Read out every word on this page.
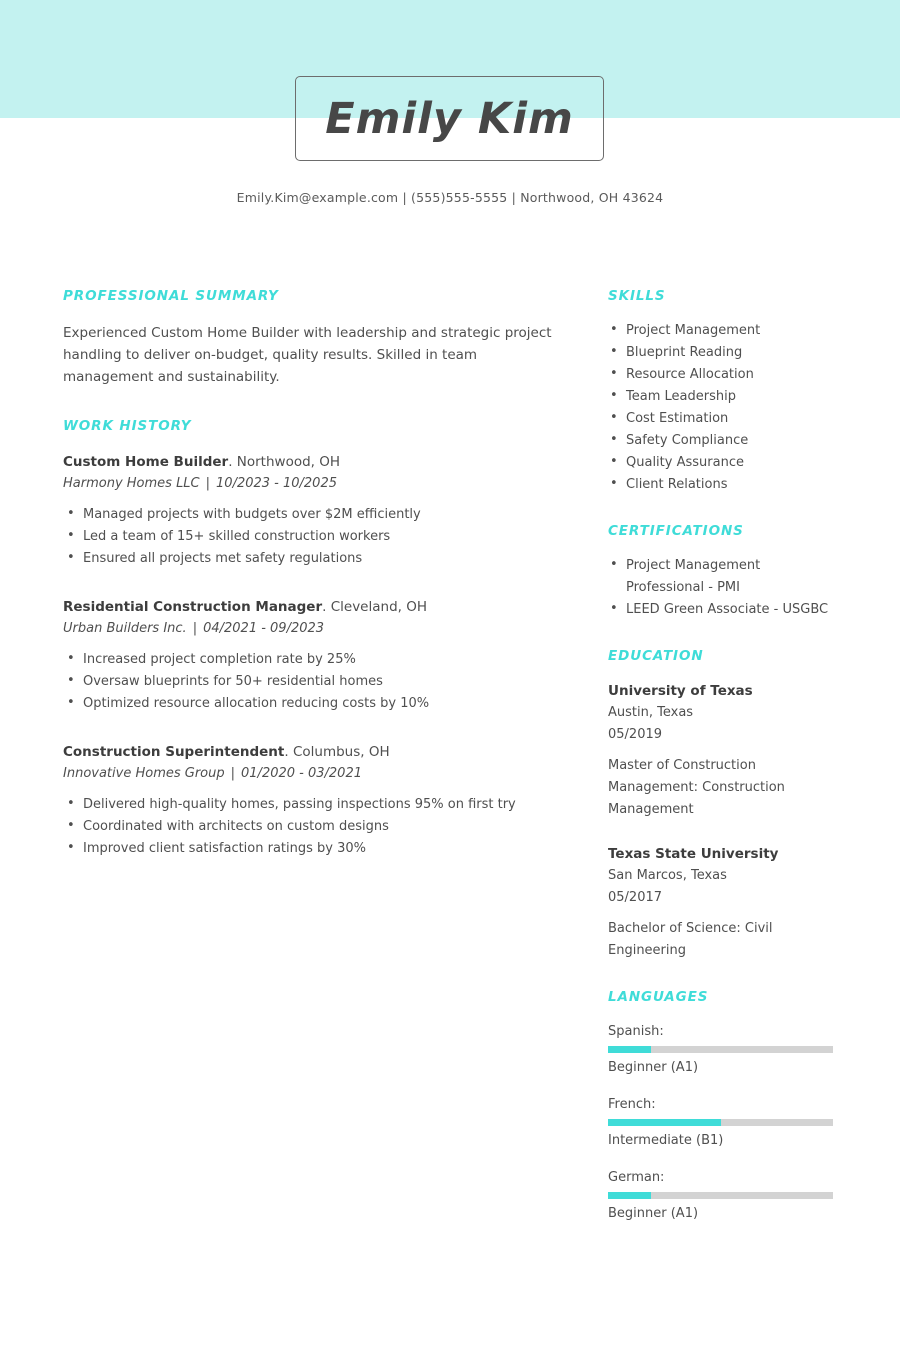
Emily Kim
Emily.Kim@example.com | (555)555-5555 | Northwood, OH 43624
PROFESSIONAL SUMMARY

Experienced Custom Home Builder with leadership and strategic project handling to deliver on-budget, quality results. Skilled in team management and sustainability.

WORK HISTORY
Custom Home Builder. Northwood, OH
Harmony Homes LLC | 10/2023 - 10/2025
• Managed projects with budgets over $2M efficiently
• Led a team of 15+ skilled construction workers
• Ensured all projects met safety regulations
Residential Construction Manager. Cleveland, OH
Urban Builders Inc. | 04/2021 - 09/2023
• Increased project completion rate by 25%
• Oversaw blueprints for 50+ residential homes
• Optimized resource allocation reducing costs by 10%
Construction Superintendent. Columbus, OH
Innovative Homes Group | 01/2020 - 03/2021
• Delivered high-quality homes, passing inspections 95% on first try
• Coordinated with architects on custom designs
• Improved client satisfaction ratings by 30%
SKILLS
• Project Management
• Blueprint Reading
• Resource Allocation
• Team Leadership
• Cost Estimation
• Safety Compliance
• Quality Assurance
• Client Relations
CERTIFICATIONS
• Project Management Professional - PMI
• LEED Green Associate - USGBC
EDUCATION
University of Texas
Austin, Texas
05/2019
Master of Construction Management: Construction Management
Texas State University
San Marcos, Texas
05/2017
Bachelor of Science: Civil Engineering
LANGUAGES
Spanish:
Beginner (A1)
French:
Intermediate (B1)
German:
Beginner (A1)
